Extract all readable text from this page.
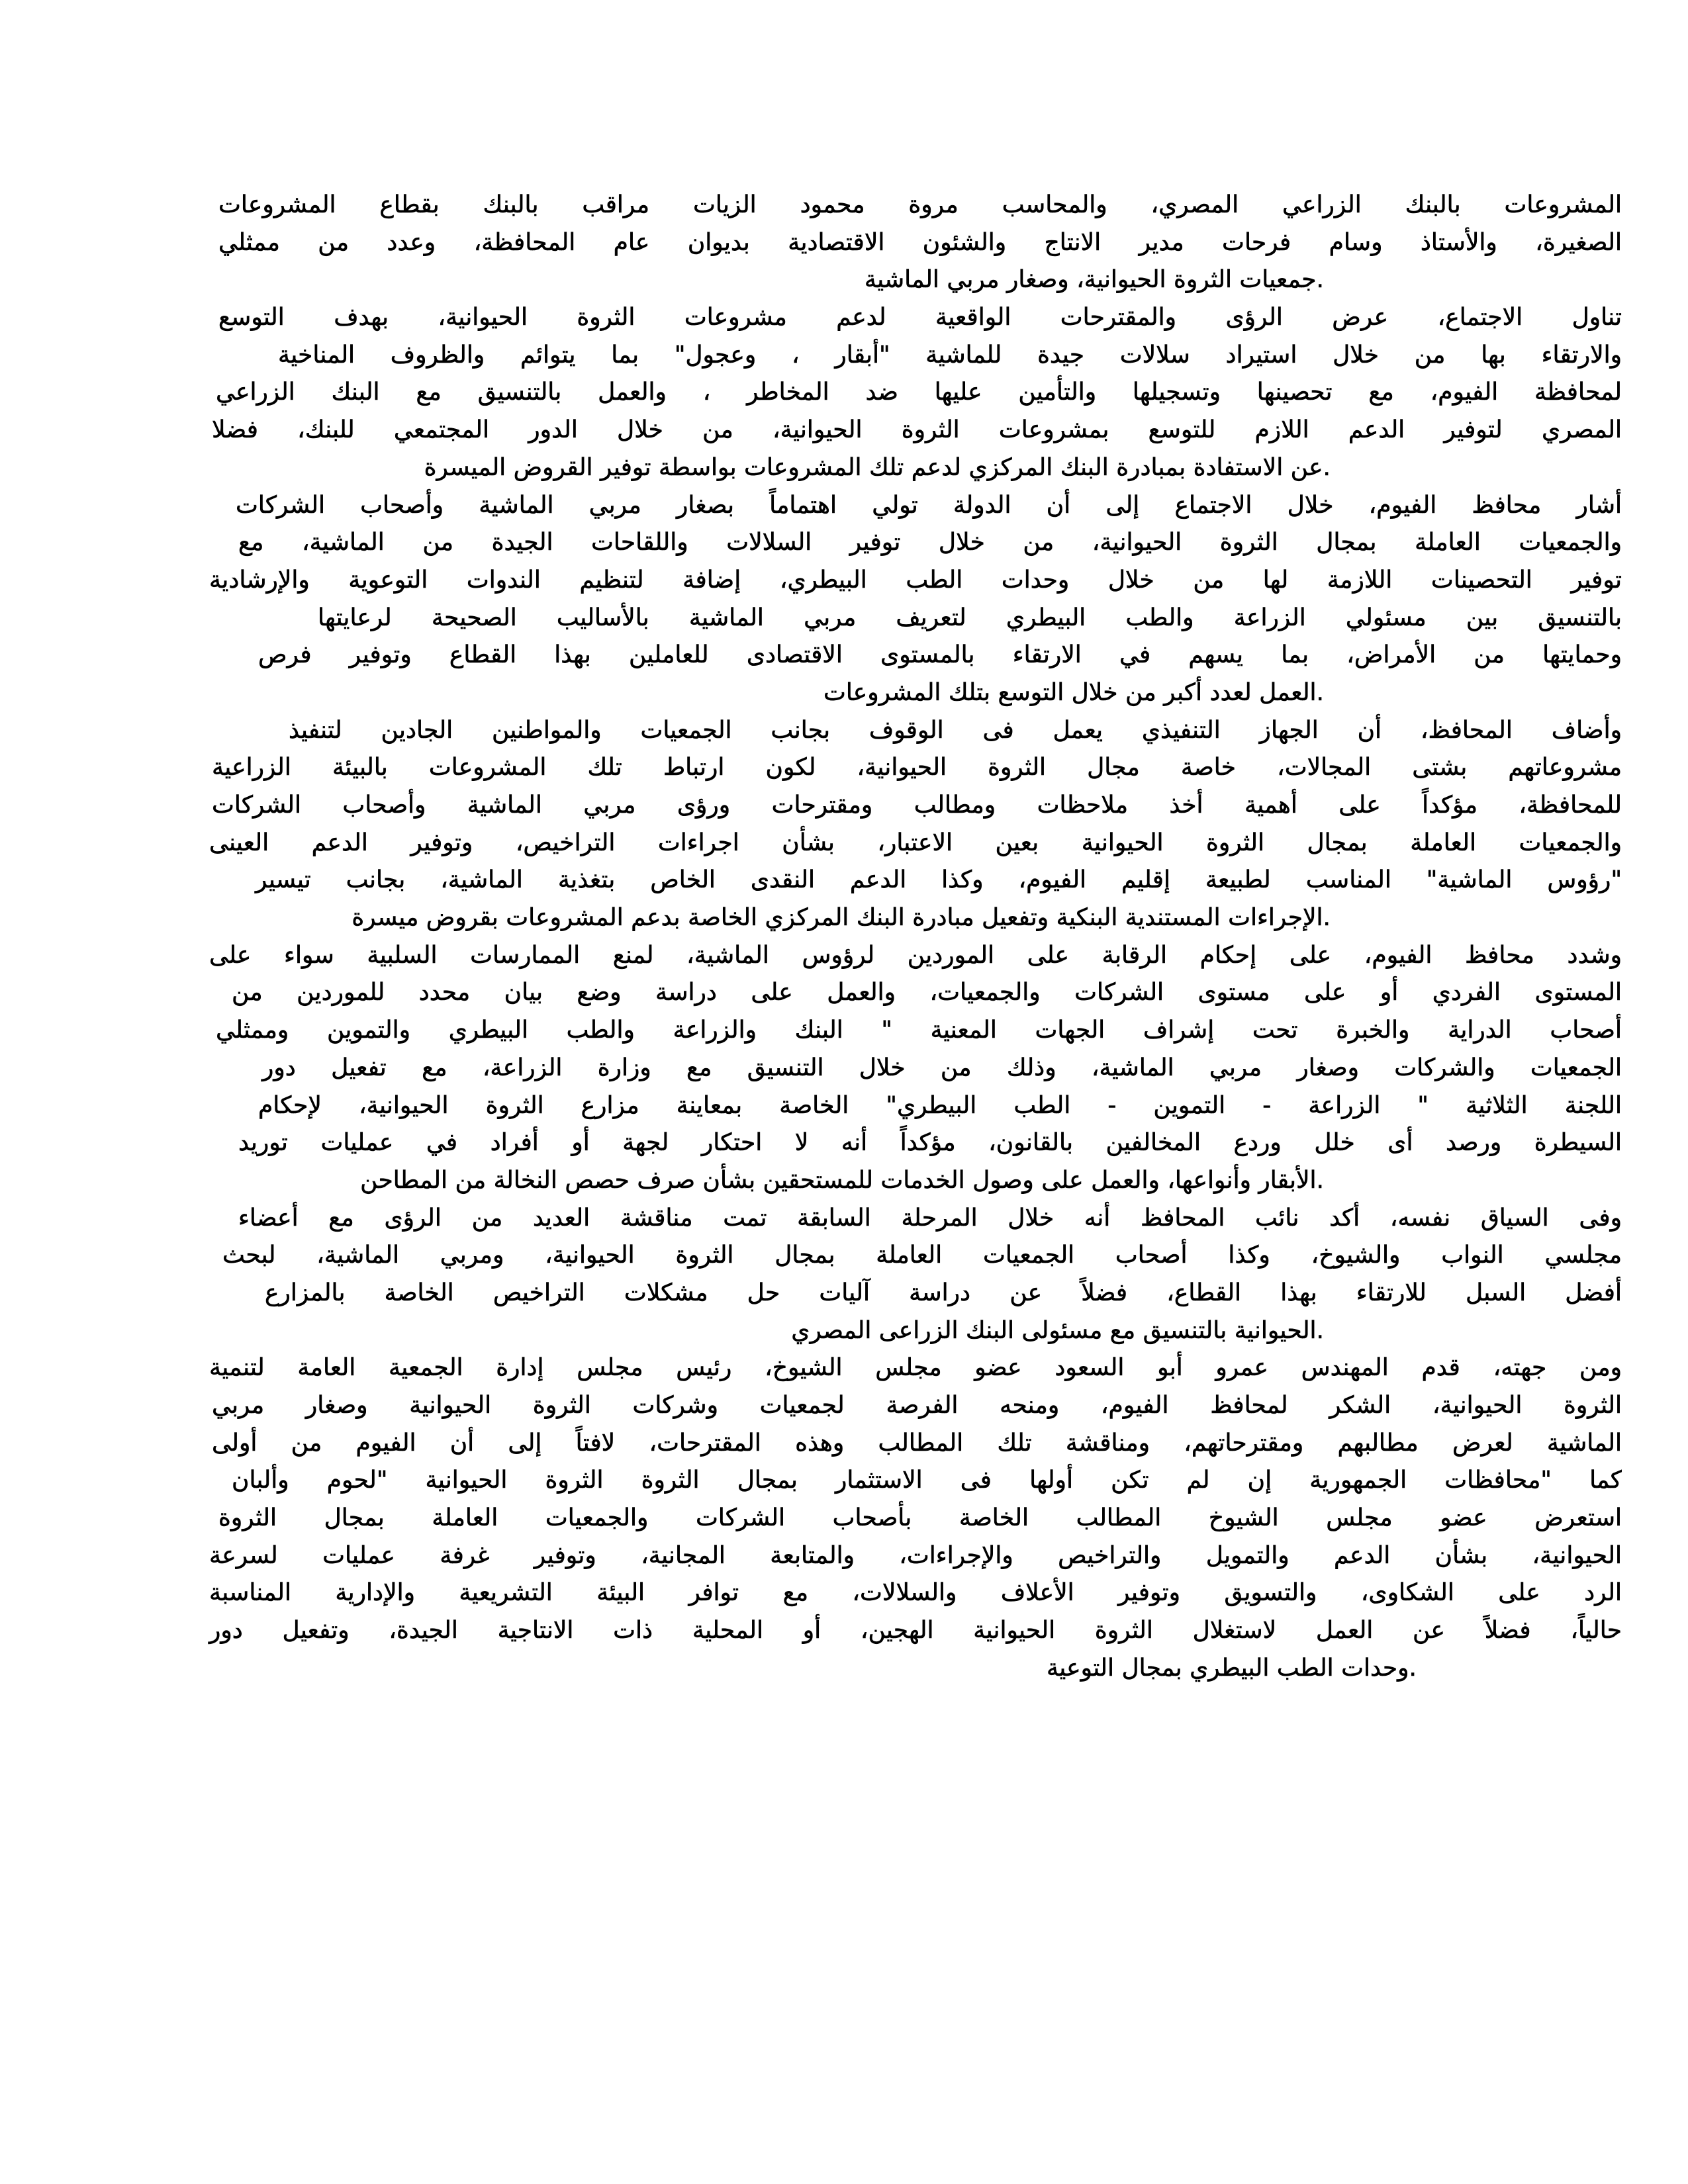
المشروعات بالبنك الزراعي المصري، والمحاسب مروة محمود الزيات مراقب بالبنك بقطاع المشروعات
الصغيرة، والأستاذ وسام فرحات مدير الانتاج والشئون الاقتصادية بديوان عام المحافظة، وعدد من ممثلي
.جمعيات الثروة الحيوانية، وصغار مربي الماشية
تناول الاجتماع، عرض الرؤى والمقترحات الواقعية لدعم مشروعات الثروة الحيوانية، بهدف التوسع
والارتقاء بها من خلال استيراد سلالات جيدة للماشية "أبقار ، وعجول" بما يتوائم والظروف المناخية
لمحافظة الفيوم، مع تحصينها وتسجيلها والتأمين عليها ضد المخاطر ، والعمل بالتنسيق مع البنك الزراعي
المصري لتوفير الدعم اللازم للتوسع بمشروعات الثروة الحيوانية، من خلال الدور المجتمعي للبنك، فضلا
.عن الاستفادة بمبادرة البنك المركزي لدعم تلك المشروعات بواسطة توفير القروض الميسرة
أشار محافظ الفيوم، خلال الاجتماع إلى أن الدولة تولي اهتماماً بصغار مربي الماشية وأصحاب الشركات
والجمعيات العاملة بمجال الثروة الحيوانية، من خلال توفير السلالات واللقاحات الجيدة من الماشية، مع
توفير التحصينات اللازمة لها من خلال وحدات الطب البيطري، إضافة لتنظيم الندوات التوعوية والإرشادية
بالتنسيق بين مسئولي الزراعة والطب البيطري لتعريف مربي الماشية بالأساليب الصحيحة لرعايتها
وحمايتها من الأمراض، بما يسهم في الارتقاء بالمستوى الاقتصادى للعاملين بهذا القطاع وتوفير فرص
.العمل لعدد أكبر من خلال التوسع بتلك المشروعات
وأضاف المحافظ، أن الجهاز التنفيذي يعمل فى الوقوف بجانب الجمعيات والمواطنين الجادين لتنفيذ
مشروعاتهم بشتى المجالات، خاصة مجال الثروة الحيوانية، لكون ارتباط تلك المشروعات بالبيئة الزراعية
للمحافظة، مؤكداً على أهمية أخذ ملاحظات ومطالب ومقترحات ورؤى مربي الماشية وأصحاب الشركات
والجمعيات العاملة بمجال الثروة الحيوانية بعين الاعتبار، بشأن اجراءات التراخيص، وتوفير الدعم العينى
"رؤوس الماشية" المناسب لطبيعة إقليم الفيوم، وكذا الدعم النقدى الخاص بتغذية الماشية، بجانب تيسير
.الإجراءات المستندية البنكية وتفعيل مبادرة البنك المركزي الخاصة بدعم المشروعات بقروض ميسرة
وشدد محافظ الفيوم، على إحكام الرقابة على الموردين لرؤوس الماشية، لمنع الممارسات السلبية سواء على
المستوى الفردي أو على مستوى الشركات والجمعيات، والعمل على دراسة وضع بيان محدد للموردين من
أصحاب الدراية والخبرة تحت إشراف الجهات المعنية " البنك والزراعة والطب البيطري والتموين وممثلي
الجمعيات والشركات وصغار مربي الماشية، وذلك من خلال التنسيق مع وزارة الزراعة، مع تفعيل دور
اللجنة الثلاثية " الزراعة - التموين - الطب البيطري" الخاصة بمعاينة مزارع الثروة الحيوانية، لإحكام
السيطرة ورصد أى خلل وردع المخالفين بالقانون، مؤكداً أنه لا احتكار لجهة أو أفراد في عمليات توريد
.الأبقار وأنواعها، والعمل على وصول الخدمات للمستحقين بشأن صرف حصص النخالة من المطاحن
وفى السياق نفسه، أكد نائب المحافظ أنه خلال المرحلة السابقة تمت مناقشة العديد من الرؤى مع أعضاء
مجلسي النواب والشيوخ، وكذا أصحاب الجمعيات العاملة بمجال الثروة الحيوانية، ومربي الماشية، لبحث
أفضل السبل للارتقاء بهذا القطاع، فضلاً عن دراسة آليات حل مشكلات التراخيص الخاصة بالمزارع
.الحيوانية بالتنسيق مع مسئولى البنك الزراعى المصري
ومن جهته، قدم المهندس عمرو أبو السعود عضو مجلس الشيوخ، رئيس مجلس إدارة الجمعية العامة لتنمية
الثروة الحيوانية، الشكر لمحافظ الفيوم، ومنحه الفرصة لجمعيات وشركات الثروة الحيوانية وصغار مربي
الماشية لعرض مطالبهم ومقترحاتهم، ومناقشة تلك المطالب وهذه المقترحات، لافتاً إلى أن الفيوم من أولى
كما "محافظات الجمهورية إن لم تكن أولها فى الاستثمار بمجال الثروة الثروة الحيوانية "لحوم وألبان
استعرض عضو مجلس الشيوخ المطالب الخاصة بأصحاب الشركات والجمعيات العاملة بمجال الثروة
الحيوانية، بشأن الدعم والتمويل والتراخيص والإجراءات، والمتابعة المجانية، وتوفير غرفة عمليات لسرعة
الرد على الشكاوى، والتسويق وتوفير الأعلاف والسلالات، مع توافر البيئة التشريعية والإدارية المناسبة
حالياً، فضلاً عن العمل لاستغلال الثروة الحيوانية الهجين، أو المحلية ذات الانتاجية الجيدة، وتفعيل دور
.وحدات الطب البيطري بمجال التوعية
